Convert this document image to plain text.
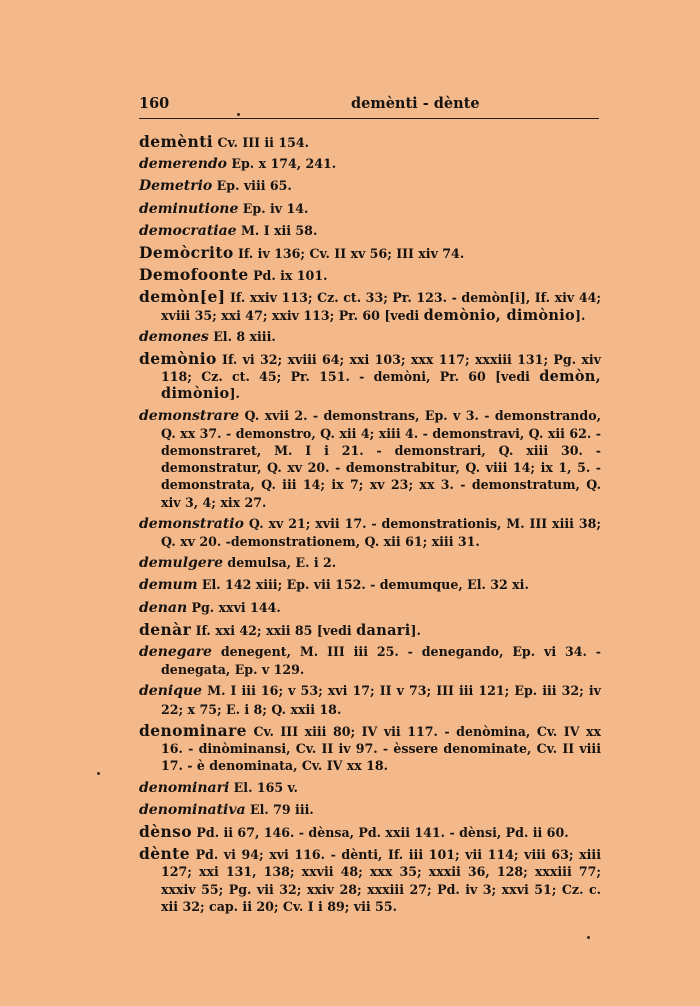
160	demènti - dènte

demènti Cv. III ii 154.

demerendo Ep. x 174, 241.

Demetrio Ep. viii 65.

deminutione Ep. iv 14.

democratiae M. I xii 58.

Demòcrito If. iv 136; Cv. II xv 56; III xiv 74.

Demofoonte Pd. ix 101.

demòn[e] If. xxiv 113; Cz. ct. 33; Pr. 123. - demòn[i], If. xiv 44; xviii 35; xxi 47; xxiv 113; Pr. 60 [vedi demònio, dimònio].

demones El. 8 xiii.

demònio If. vi 32; xviii 64; xxi 103; xxx 117; xxxiii 131; Pg. xiv 118; Cz. ct. 45; Pr. 151. - demòni, Pr. 60 [vedi demòn, dimònio].

demonstrare Q. xvii 2. - demonstrans, Ep. v 3. - demonstrando, Q. xx 37. - demonstro, Q. xii 4; xiii 4. - demonstravi, Q. xii 62. - demonstraret, M. I i 21. - demonstrari, Q. xiii 30. - demonstratur, Q. xv 20. - demonstrabitur, Q. viii 14; ix 1, 5. - demonstrata, Q. iii 14; ix 7; xv 23; xx 3. - demonstratum, Q. xiv 3, 4; xix 27.

demonstratio Q. xv 21; xvii 17. - demonstrationis, M. III xiii 38; Q. xv 20. -demonstrationem, Q. xii 61; xiii 31.

demulgere demulsa, E. i 2.

demum El. 142 xiii; Ep. vii 152. - demumque, El. 32 xi.

denan Pg. xxvi 144.

denàr If. xxi 42; xxii 85 [vedi danari].

denegare denegent, M. III iii 25. - denegando, Ep. vi 34. - denegata, Ep. v 129.

denique M. I iii 16; v 53; xvi 17; II v 73; III iii 121; Ep. iii 32; iv 22; x 75; E. i 8; Q. xxii 18.

denominare Cv. III xiii 80; IV vii 117. - denòmina, Cv. IV xx 16. - dinòminansi, Cv. II iv 97. - èssere denominate, Cv. II viii 17. - è denominata, Cv. IV xx 18.

denominari El. 165 v.

denominativa El. 79 iii.

dènso Pd. ii 67, 146. - dènsa, Pd. xxii 141. - dènsi, Pd. ii 60.

dènte Pd. vi 94; xvi 116. - dènti, If. iii 101; vii 114; viii 63; xiii 127; xxi 131, 138; xxvii 48; xxx 35; xxxii 36, 128; xxxiii 77; xxxiv 55; Pg. vii 32; xxiv 28; xxxiii 27; Pd. iv 3; xxvi 51; Cz. c. xii 32; cap. ii 20; Cv. I i 89; vii 55.
